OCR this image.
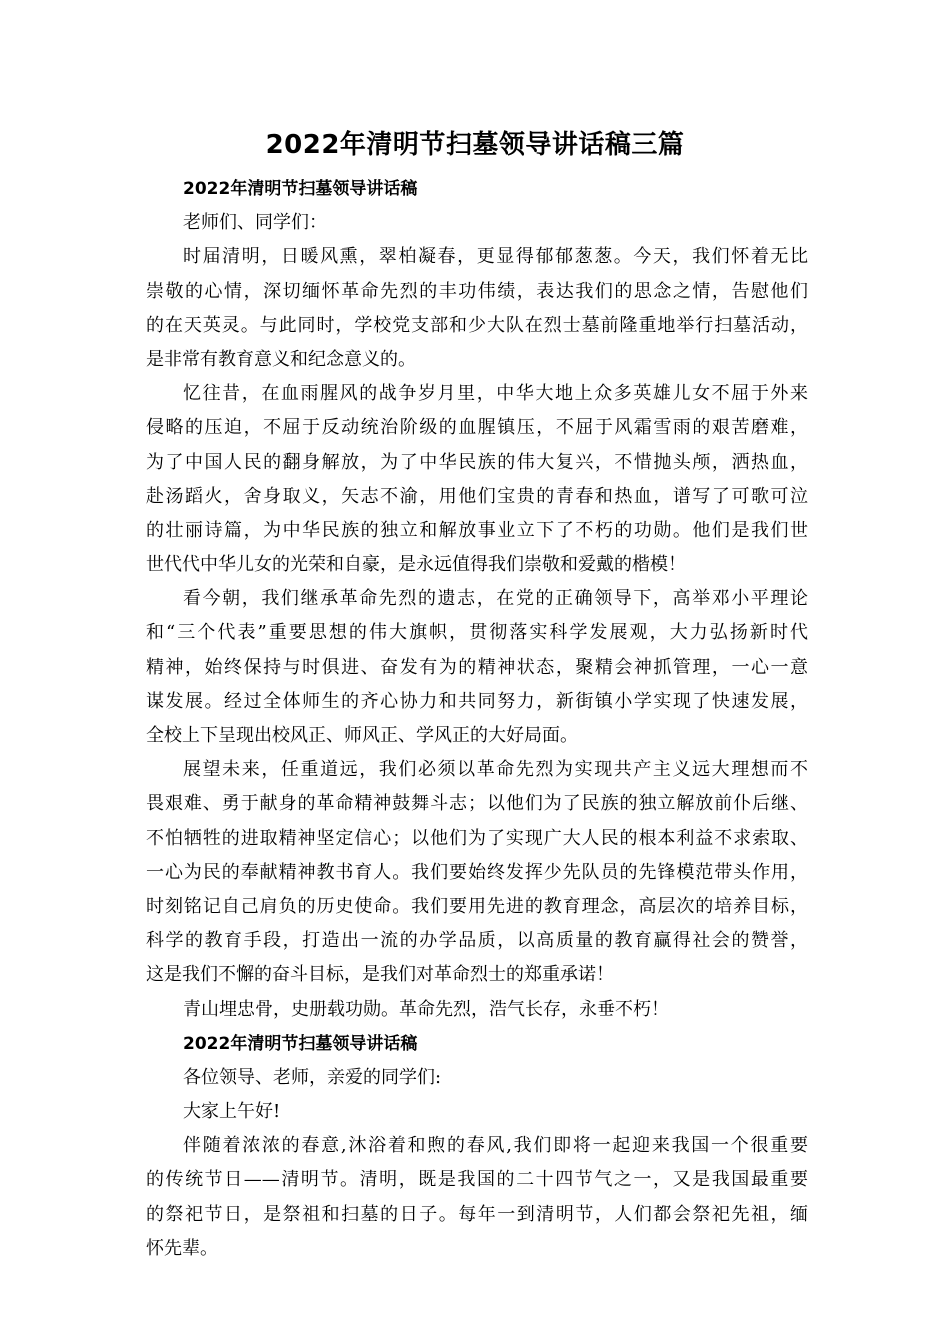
2022年清明节扫墓领导讲话稿三篇
2022年清明节扫墓领导讲话稿
老师们、同学们：
时届清明，日暖风熏，翠柏凝春，更显得郁郁葱葱。今天，我们怀着无比
崇敬的心情，深切缅怀革命先烈的丰功伟绩，表达我们的思念之情，告慰他们
的在天英灵。与此同时，学校党支部和少大队在烈士墓前隆重地举行扫墓活动，
是非常有教育意义和纪念意义的。
忆往昔，在血雨腥风的战争岁月里，中华大地上众多英雄儿女不屈于外来
侵略的压迫，不屈于反动统治阶级的血腥镇压，不屈于风霜雪雨的艰苦磨难，
为了中国人民的翻身解放，为了中华民族的伟大复兴，不惜抛头颅，洒热血，
赴汤蹈火，舍身取义，矢志不渝，用他们宝贵的青春和热血，谱写了可歌可泣
的壮丽诗篇，为中华民族的独立和解放事业立下了不朽的功勋。他们是我们世
世代代中华儿女的光荣和自豪，是永远值得我们崇敬和爱戴的楷模！
看今朝，我们继承革命先烈的遗志，在党的正确领导下，高举邓小平理论
和“三个代表”重要思想的伟大旗帜，贯彻落实科学发展观，大力弘扬新时代
精神，始终保持与时俱进、奋发有为的精神状态，聚精会神抓管理，一心一意
谋发展。经过全体师生的齐心协力和共同努力，新街镇小学实现了快速发展，
全校上下呈现出校风正、师风正、学风正的大好局面。
展望未来，任重道远，我们必须以革命先烈为实现共产主义远大理想而不
畏艰难、勇于献身的革命精神鼓舞斗志；以他们为了民族的独立解放前仆后继、
不怕牺牲的进取精神坚定信心；以他们为了实现广大人民的根本利益不求索取、
一心为民的奉献精神教书育人。我们要始终发挥少先队员的先锋模范带头作用，
时刻铭记自己肩负的历史使命。我们要用先进的教育理念，高层次的培养目标，
科学的教育手段，打造出一流的办学品质，以高质量的教育赢得社会的赞誉，
这是我们不懈的奋斗目标，是我们对革命烈士的郑重承诺！
青山埋忠骨，史册载功勋。革命先烈，浩气长存，永垂不朽！
2022年清明节扫墓领导讲话稿
各位领导、老师，亲爱的同学们:
大家上午好!
伴随着浓浓的春意,沐浴着和煦的春风,我们即将一起迎来我国一个很重要
的传统节日——清明节。清明，既是我国的二十四节气之一，又是我国最重要
的祭祀节日，是祭祖和扫墓的日子。每年一到清明节，人们都会祭祀先祖，缅
怀先辈。
